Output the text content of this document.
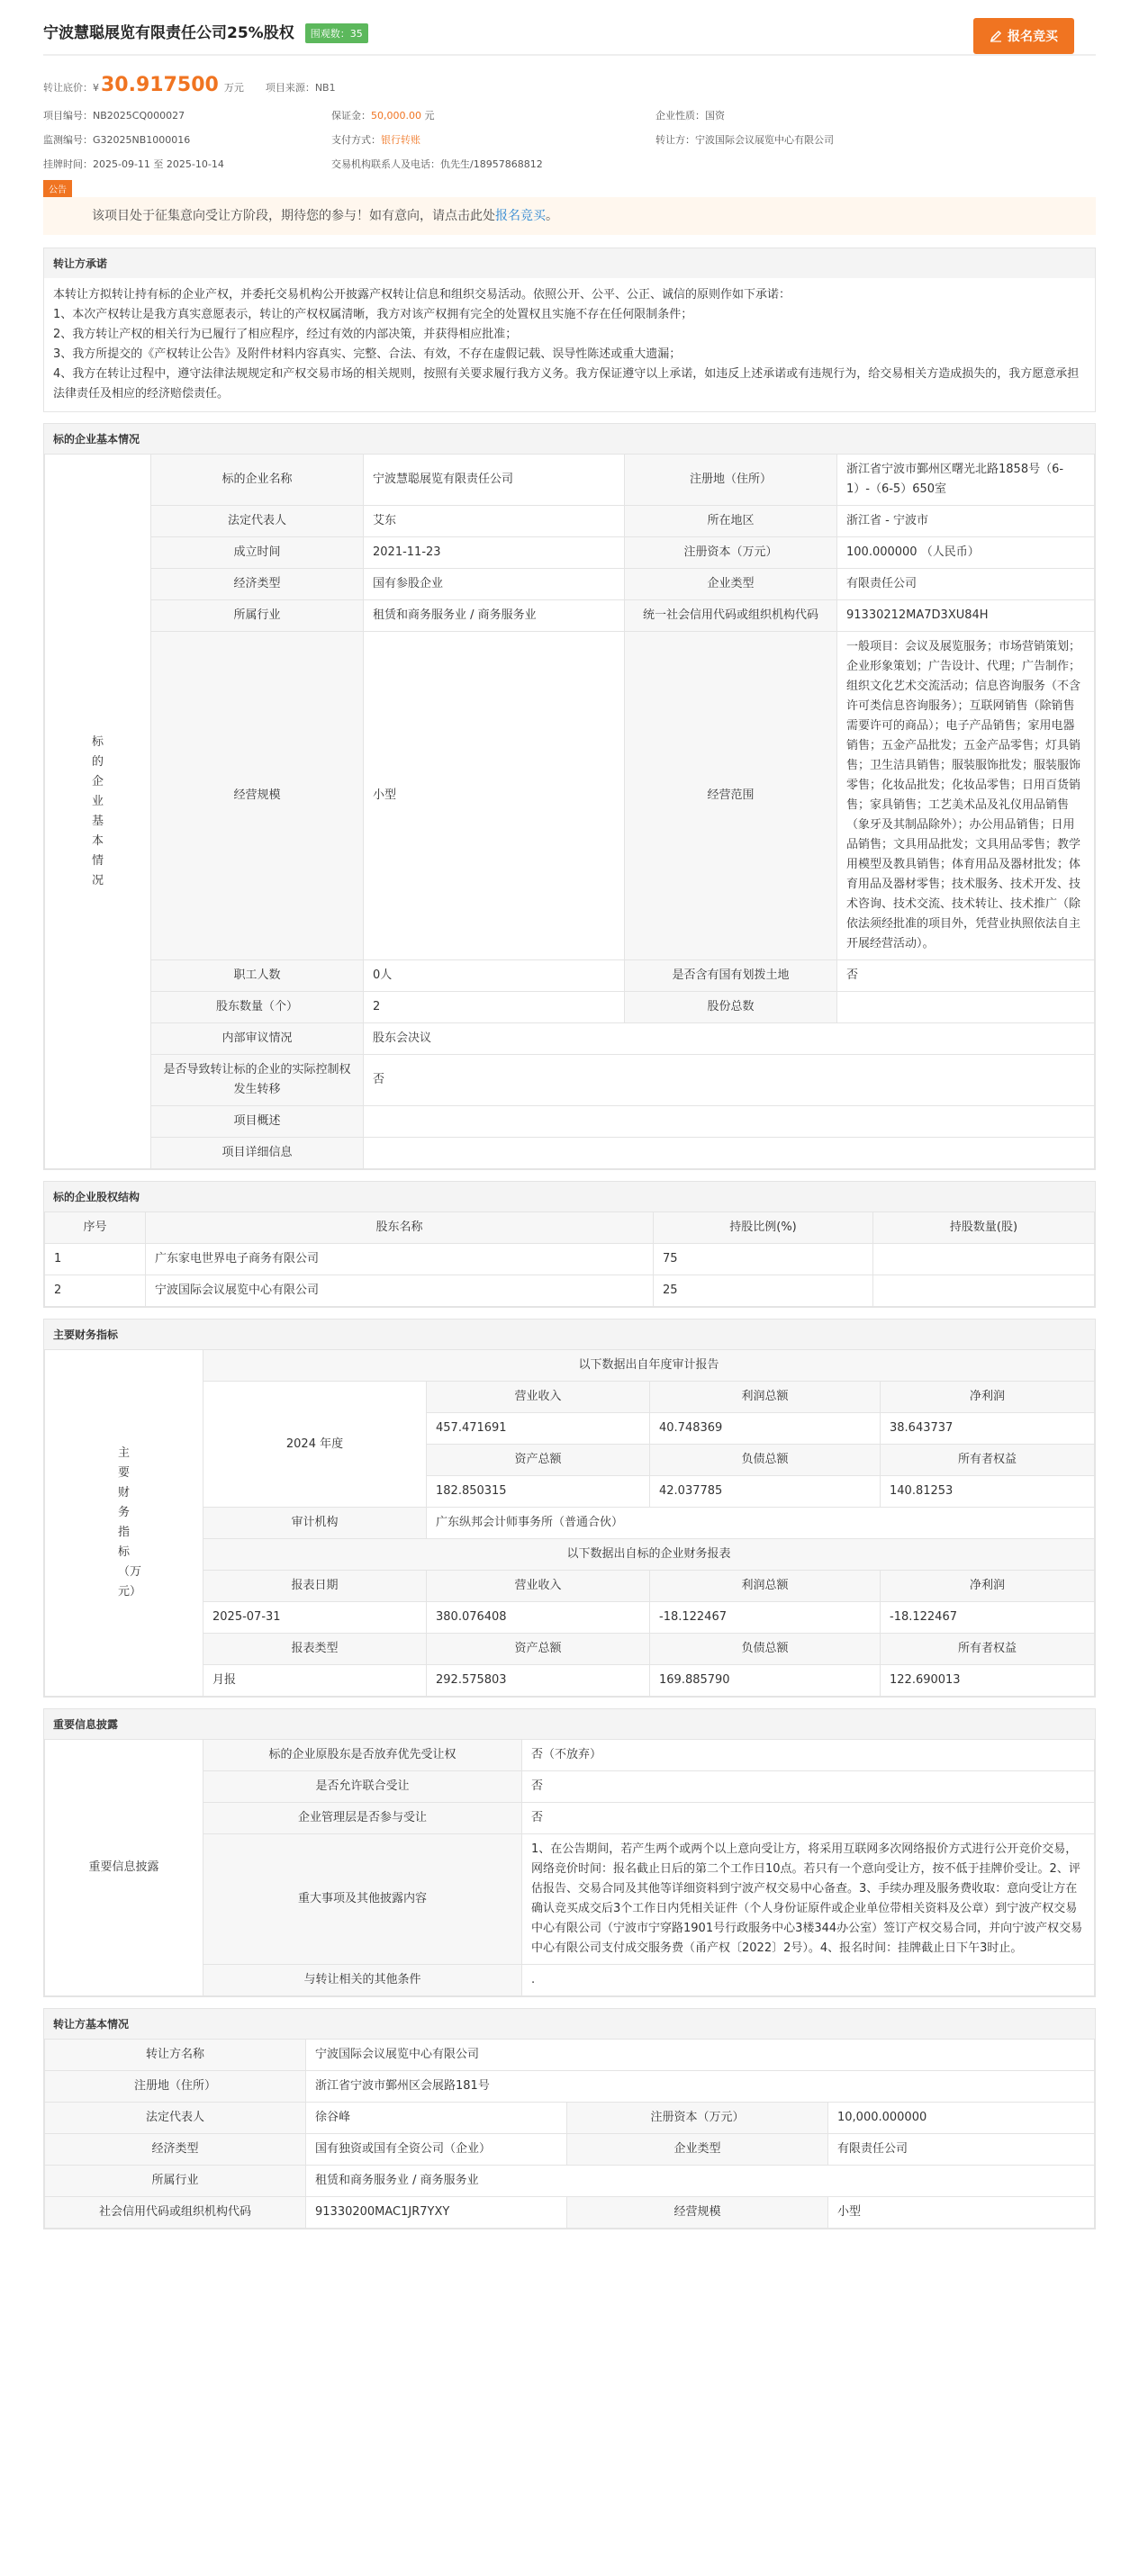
宁波慧聪展览有限责任公司25%股权 围观数：35	报名竞买
转让底价：¥30.917500 万元 项目来源：NB1
项目编号：NB2025CQ000027	保证金：50,000.00 元	企业性质：国资
监测编号：G32025NB1000016	支付方式：银行转账	转让方：宁波国际会议展览中心有限公司
挂牌时间：2025-09-11 至 2025-10-14	交易机构联系人及电话：仇先生/18957868812
公告
该项目处于征集意向受让方阶段，期待您的参与！如有意向，请点击此处报名竞买。
转让方承诺
本转让方拟转让持有标的企业产权，并委托交易机构公开披露产权转让信息和组织交易活动。依照公开、公平、公正、诚信的原则作如下承诺：
1、本次产权转让是我方真实意愿表示，转让的产权权属清晰，我方对该产权拥有完全的处置权且实施不存在任何限制条件；
2、我方转让产权的相关行为已履行了相应程序，经过有效的内部决策，并获得相应批准；
3、我方所提交的《产权转让公告》及附件材料内容真实、完整、合法、有效，不存在虚假记载、误导性陈述或重大遗漏；
4、我方在转让过程中，遵守法律法规规定和产权交易市场的相关规则，按照有关要求履行我方义务。我方保证遵守以上承诺，如违反上述承诺或有违规行为，给交易相关方造成损失的，我方愿意承担法律责任及相应的经济赔偿责任。
标的企业基本情况
标的企业基本情况	标的企业名称	宁波慧聪展览有限责任公司	注册地（住所）	浙江省宁波市鄞州区曙光北路1858号（6-1）-（6-5）650室
	法定代表人	艾东	所在地区	浙江省 - 宁波市
	成立时间	2021-11-23	注册资本（万元）	100.000000 （人民币）
	经济类型	国有参股企业	企业类型	有限责任公司
	所属行业	租赁和商务服务业 / 商务服务业	统一社会信用代码或组织机构代码	91330212MA7D3XU84H
	经营规模	小型	经营范围	一般项目：会议及展览服务；市场营销策划；企业形象策划；广告设计、代理；广告制作；组织文化艺术交流活动；信息咨询服务（不含许可类信息咨询服务）；互联网销售（除销售需要许可的商品）；电子产品销售；家用电器销售；五金产品批发；五金产品零售；灯具销售；卫生洁具销售；服装服饰批发；服装服饰零售；化妆品批发；化妆品零售；日用百货销售；家具销售；工艺美术品及礼仪用品销售（象牙及其制品除外）；办公用品销售；日用品销售；文具用品批发；文具用品零售；教学用模型及教具销售；体育用品及器材批发；体育用品及器材零售；技术服务、技术开发、技术咨询、技术交流、技术转让、技术推广（除依法须经批准的项目外，凭营业执照依法自主开展经营活动）。
	职工人数	0人	是否含有国有划拨土地	否
	股东数量（个）	2	股份总数	
	内部审议情况	股东会决议		
	是否导致转让标的企业的实际控制权发生转移	否		
	项目概述			
	项目详细信息			
标的企业股权结构
序号	股东名称	持股比例(%)	持股数量(股)
1	广东家电世界电子商务有限公司	75	
2	宁波国际会议展览中心有限公司	25	
主要财务指标
主要财务指标（万元）	以下数据出自年度审计报告			
	2024 年度	营业收入	利润总额	净利润
		457.471691	40.748369	38.643737
		资产总额	负债总额	所有者权益
		182.850315	42.037785	140.81253
	审计机构	广东纵邦会计师事务所（普通合伙）		
	以下数据出自标的企业财务报表			
	报表日期	营业收入	利润总额	净利润
	2025-07-31	380.076408	-18.122467	-18.122467
	报表类型	资产总额	负债总额	所有者权益
	月报	292.575803	169.885790	122.690013
重要信息披露
重要信息披露	标的企业原股东是否放弃优先受让权	否（不放弃）
	是否允许联合受让	否
	企业管理层是否参与受让	否
	重大事项及其他披露内容	1、在公告期间，若产生两个或两个以上意向受让方，将采用互联网多次网络报价方式进行公开竞价交易，网络竞价时间：报名截止日后的第二个工作日10点。若只有一个意向受让方，按不低于挂牌价受让。2、评估报告、交易合同及其他等详细资料到宁波产权交易中心备查。3、手续办理及服务费收取：意向受让方在确认竞买成交后3个工作日内凭相关证件（个人身份证原件或企业单位带相关资料及公章）到宁波产权交易中心有限公司（宁波市宁穿路1901号行政服务中心3楼344办公室）签订产权交易合同，并向宁波产权交易中心有限公司支付成交服务费（甬产权〔2022〕2号）。4、报名时间：挂牌截止日下午3时止。
	与转让相关的其他条件	.
转让方基本情况
转让方名称	宁波国际会议展览中心有限公司		
注册地（住所）	浙江省宁波市鄞州区会展路181号		
法定代表人	徐谷峰	注册资本（万元）	10,000.000000
经济类型	国有独资或国有全资公司（企业）	企业类型	有限责任公司
所属行业	租赁和商务服务业 / 商务服务业		
社会信用代码或组织机构代码	91330200MAC1JR7YXY	经营规模	小型
